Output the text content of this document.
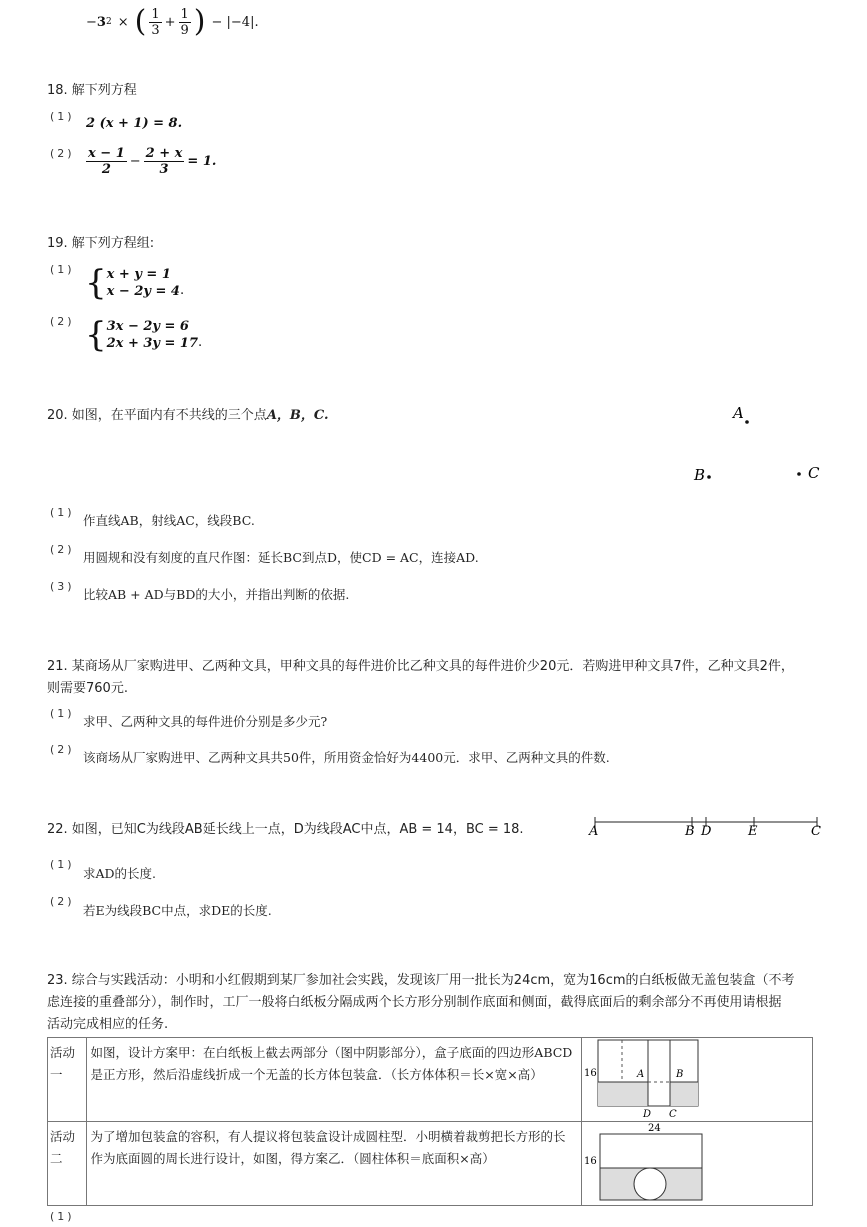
− 3 2 × ( $\frac{1}{3} + \frac{1}{9}$ ) − |−4|.
18. 解下列方程
(1) 2 (x + 1) = 8.
$(2) \frac{x - 1}{2} - \frac{2 + x}{3} = 1$.
19. 解下列方程组:
(1) { x + y = 1
x − 2y = 4 .
(2) { 3x − 2y = 6
2x + 3y = 17 .
20. 如图，在平面内有不共线的三个点A，B，C.	A
B	C
(1)
作直线AB，射线AC，线段BC.
(2)
用圆规和没有刻度的直尺作图：延长BC到点D，使CD = AC，连接AD.
(3)
比较AB + AD与BD的大小，并指出判断的依据.
21. 某商场从厂家购进甲、乙两种文具，甲种文具的每件进价比乙种文具的每件进价少20元．若购进甲种文具7件，乙种文具2件，
则需要760元.
(1)
求甲、乙两种文具的每件进价分别是多少元?
(2)
该商场从厂家购进甲、乙两种文具共50件，所用资金恰好为4400元．求甲、乙两种文具的件数.
22. 如图，已知C为线段AB延长线上一点，D为线段AC中点，AB = 14，BC = 18.	A	B D	E	C
(1)
求AD的长度.
(2)
若E为线段BC中点，求DE的长度.
23. 综合与实践活动：小明和小红假期到某厂参加社会实践，发现该厂用一批长为24cm，宽为16cm的白纸板做无盖包装盒（不考
虑连接的重叠部分），制作时，工厂一般将白纸板分隔成两个长方形分别制作底面和侧面，截得底面后的剩余部分不再使用请根据
活动完成相应的任务.
活动一	如图，设计方案甲：在白纸板上截去两部分（图中阴影部分），盒子底面的四边形ABCD是正方形，然后沿虚线折成一个无盖的长方体包装盒．（长方体体积＝长×宽×高）	16 A B
D C

活动二	为了增加包装盒的容积，有人提议将包装盒设计成圆柱型．小明横着裁剪把长方形的长作为底面圆的周长进行设计，如图，得方案乙．（圆柱体积＝底面积×高）	24
16
(1)
